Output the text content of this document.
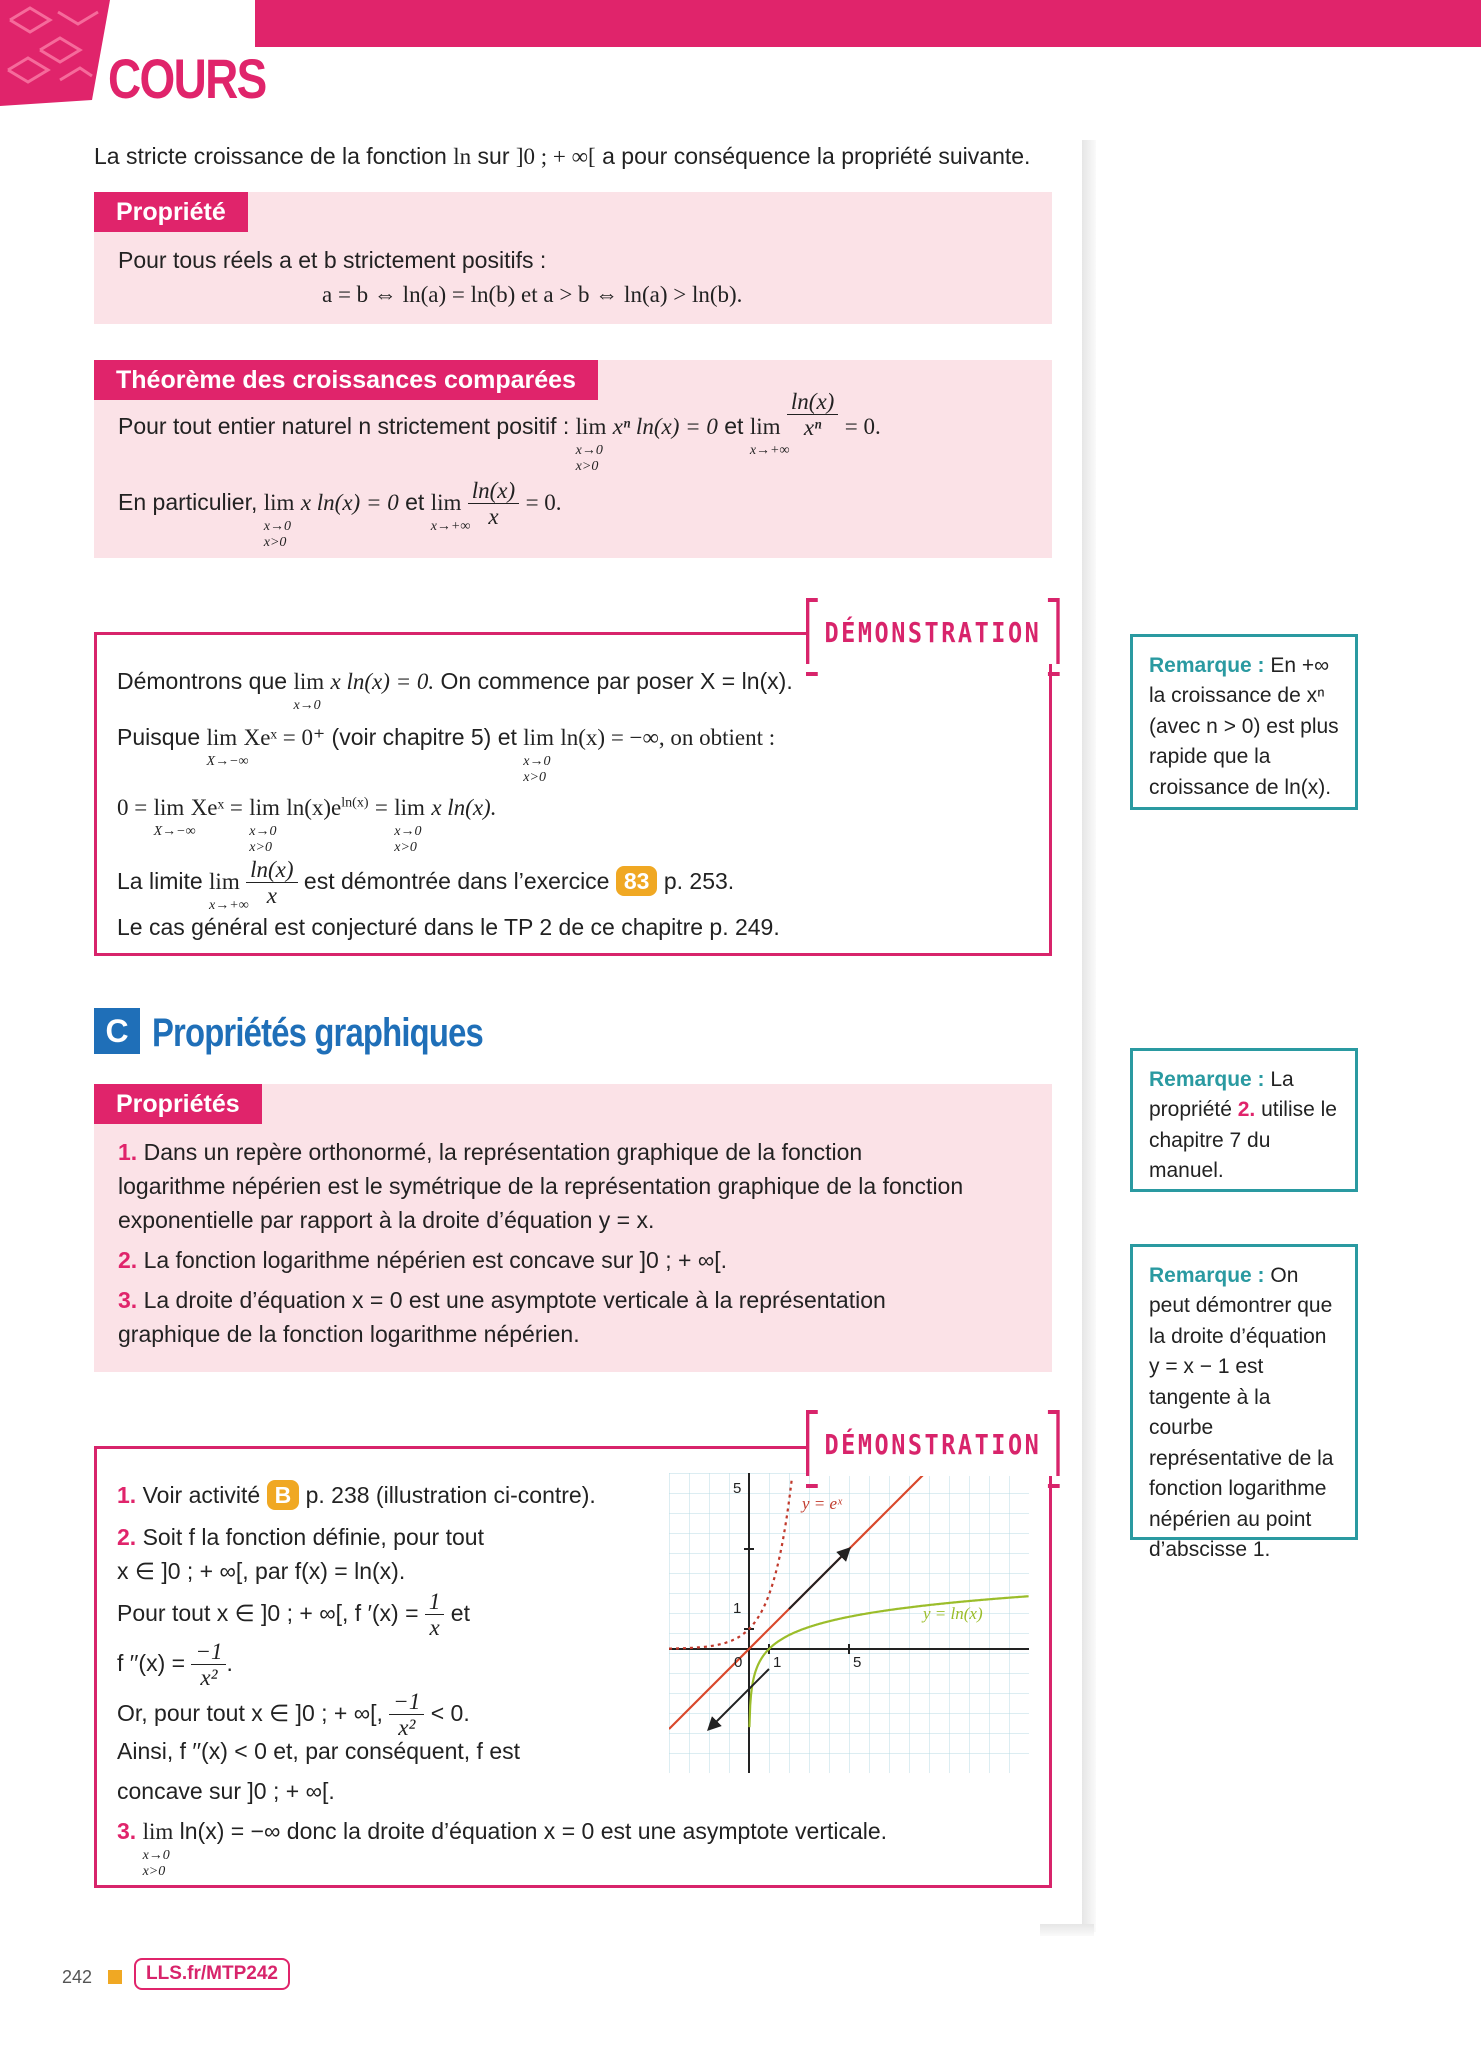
COURS
La stricte croissance de la fonction ln sur ]0 ; + ∞[ a pour conséquence la propriété suivante.
Propriété
Pour tous réels a et b strictement positifs :
a = b ⇔ ln(a) = ln(b) et a > b ⇔ ln(a) > ln(b).
Théorème des croissances comparées
Pour tout entier naturel n strictement positif : lim
x→0
x>0
xⁿ ln(x) = 0 et lim
x→+∞

$\frac{\ln(x)}{\text{xⁿ}} = 0$.
En particulier, lim
x→0
x>0
x ln(x) = 0 et lim
x→+∞

$\frac{\ln(x)}{x} = 0$.
Démontrons que lim
x→0
x ln(x) = 0. On commence par poser X = ln(x).
Puisque lim
X→−∞
Xeˣ = 0⁺ (voir chapitre 5) et lim
x→0
x>0
ln(x) = −∞, on obtient :
0 = lim
X→−∞
Xeˣ = lim
x→0
x>0
$\ln(x)e^{ln(x)} = \lim$
x→0
x>0
x ln(x).
La limite lim
x→+∞

$\frac{\ln(x)}{x}$ est démontrée dans l’exercice 83 p. 253.
Le cas général est conjecturé dans le TP 2 de ce chapitre p. 249.
DÉMONSTRATION
C Propriétés graphiques
Propriétés
1. Dans un repère orthonormé, la représentation graphique de la fonction
logarithme népérien est le symétrique de la représentation graphique de la fonction
exponentielle par rapport à la droite d’équation y = x.
2. La fonction logarithme népérien est concave sur ]0 ; + ∞[.
3. La droite d’équation x = 0 est une asymptote verticale à la représentation
graphique de la fonction logarithme népérien.
1. Voir activité B p. 238 (illustration ci-contre).
2. Soit f la fonction définie, pour tout
x ∈ ]0 ; + ∞[, par f(x) = ln(x).
Pour tout x ∈ ]0 ; + ∞[, f $'(x) = \frac{1}{x}$ et
f $''(x) = \frac{-1}{\text{x²}}$ .
Or, pour tout x ∈ ]0 ; + ∞[, $\frac{-1}{\text{x²}} < 0$.
Ainsi, f ′′(x) < 0 et, par conséquent, f est
concave sur ]0 ; + ∞[.
3. lim
x→0
x>0
ln(x) = −∞ donc la droite d’équation x = 0 est une asymptote verticale.
y = eˣ
y = ln(x)
0 1	5
1
5
DÉMONSTRATION
Remarque : En +∞ la croissance de xⁿ (avec n > 0) est plus rapide que la croissance de ln(x).
Remarque : La propriété 2. utilise le chapitre 7 du manuel.
Remarque : On peut démontrer que la droite d’équation y = x − 1 est tangente à la courbe représentative de la fonction logarithme népérien au point d’abscisse 1.
242	LLS.fr/MTP242
